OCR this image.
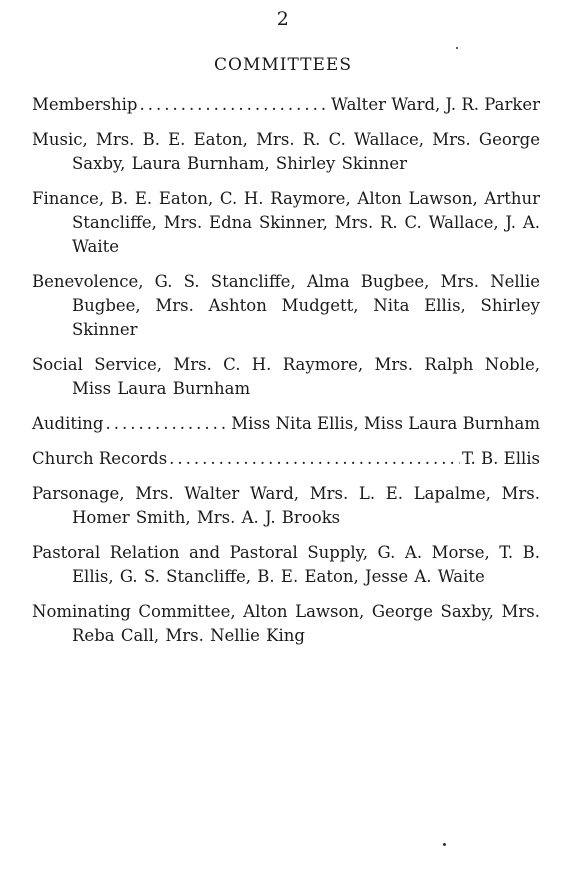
2
COMMITTEES
Membership .....	Walter Ward, J. R. Parker

Music, Mrs. B. E. Eaton, Mrs. R. C. Wallace, Mrs. George Saxby, Laura Burnham, Shirley Skinner

Finance, B. E. Eaton, C. H. Raymore, Alton Lawson, Arthur Stancliffe, Mrs. Edna Skinner, Mrs. R. C. Wallace, J. A. Waite

Benevolence, G. S. Stancliffe, Alma Bugbee, Mrs. Nellie Bugbee, Mrs. Ashton Mudgett, Nita Ellis, Shirley Skinner

Social Service, Mrs. C. H. Raymore, Mrs. Ralph Noble, Miss Laura Burnham

Auditing .....	Miss Nita Ellis, Miss Laura Burnham
Church Records .....	T. B. Ellis

Parsonage, Mrs. Walter Ward, Mrs. L. E. Lapalme, Mrs. Homer Smith, Mrs. A. J. Brooks

Pastoral Relation and Pastoral Supply, G. A. Morse, T. B. Ellis, G. S. Stancliffe, B. E. Eaton, Jesse A. Waite

Nominating Committee, Alton Lawson, George Saxby, Mrs. Reba Call, Mrs. Nellie King
